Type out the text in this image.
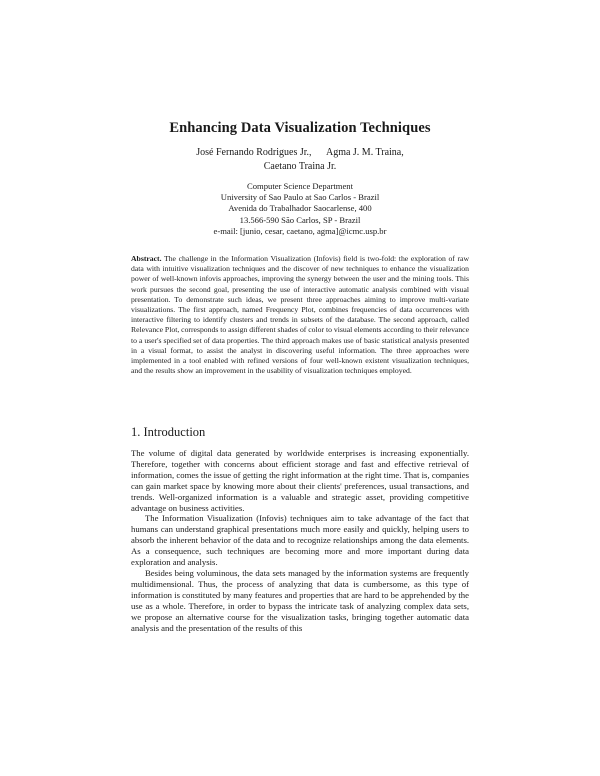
Enhancing Data Visualization Techniques
José Fernando Rodrigues Jr.,      Agma J. M. Traina,
Caetano Traina Jr.
Computer Science Department
University of Sao Paulo at Sao Carlos - Brazil
Avenida do Trabalhador Saocarlense, 400
13.566-590 São Carlos, SP - Brazil
e-mail: [junio, cesar, caetano, agma]@icmc.usp.br
Abstract. The challenge in the Information Visualization (Infovis) field is two-fold: the exploration of raw data with intuitive visualization techniques and the discover of new techniques to enhance the visualization power of well-known infovis approaches, improving the synergy between the user and the mining tools. This work pursues the second goal, presenting the use of interactive automatic analysis combined with visual presentation. To demonstrate such ideas, we present three approaches aiming to improve multi-variate visualizations. The first approach, named Frequency Plot, combines frequencies of data occurrences with interactive filtering to identify clusters and trends in subsets of the database. The second approach, called Relevance Plot, corresponds to assign different shades of color to visual elements according to their relevance to a user's specified set of data properties. The third approach makes use of basic statistical analysis presented in a visual format, to assist the analyst in discovering useful information. The three approaches were implemented in a tool enabled with refined versions of four well-known existent visualization techniques, and the results show an improvement in the usability of visualization techniques employed.
1. Introduction

The volume of digital data generated by worldwide enterprises is increasing exponentially. Therefore, together with concerns about efficient storage and fast and effective retrieval of information, comes the issue of getting the right information at the right time. That is, companies can gain market space by knowing more about their clients' preferences, usual transactions, and trends. Well-organized information is a valuable and strategic asset, providing competitive advantage on business activities.

The Information Visualization (Infovis) techniques aim to take advantage of the fact that humans can understand graphical presentations much more easily and quickly, helping users to absorb the inherent behavior of the data and to recognize relationships among the data elements. As a consequence, such techniques are becoming more and more important during data exploration and analysis.

Besides being voluminous, the data sets managed by the information systems are frequently multidimensional. Thus, the process of analyzing that data is cumbersome, as this type of information is constituted by many features and properties that are hard to be apprehended by the use as a whole. Therefore, in order to bypass the intricate task of analyzing complex data sets, we propose an alternative course for the visualization tasks, bringing together automatic data analysis and the presentation of the results of this
